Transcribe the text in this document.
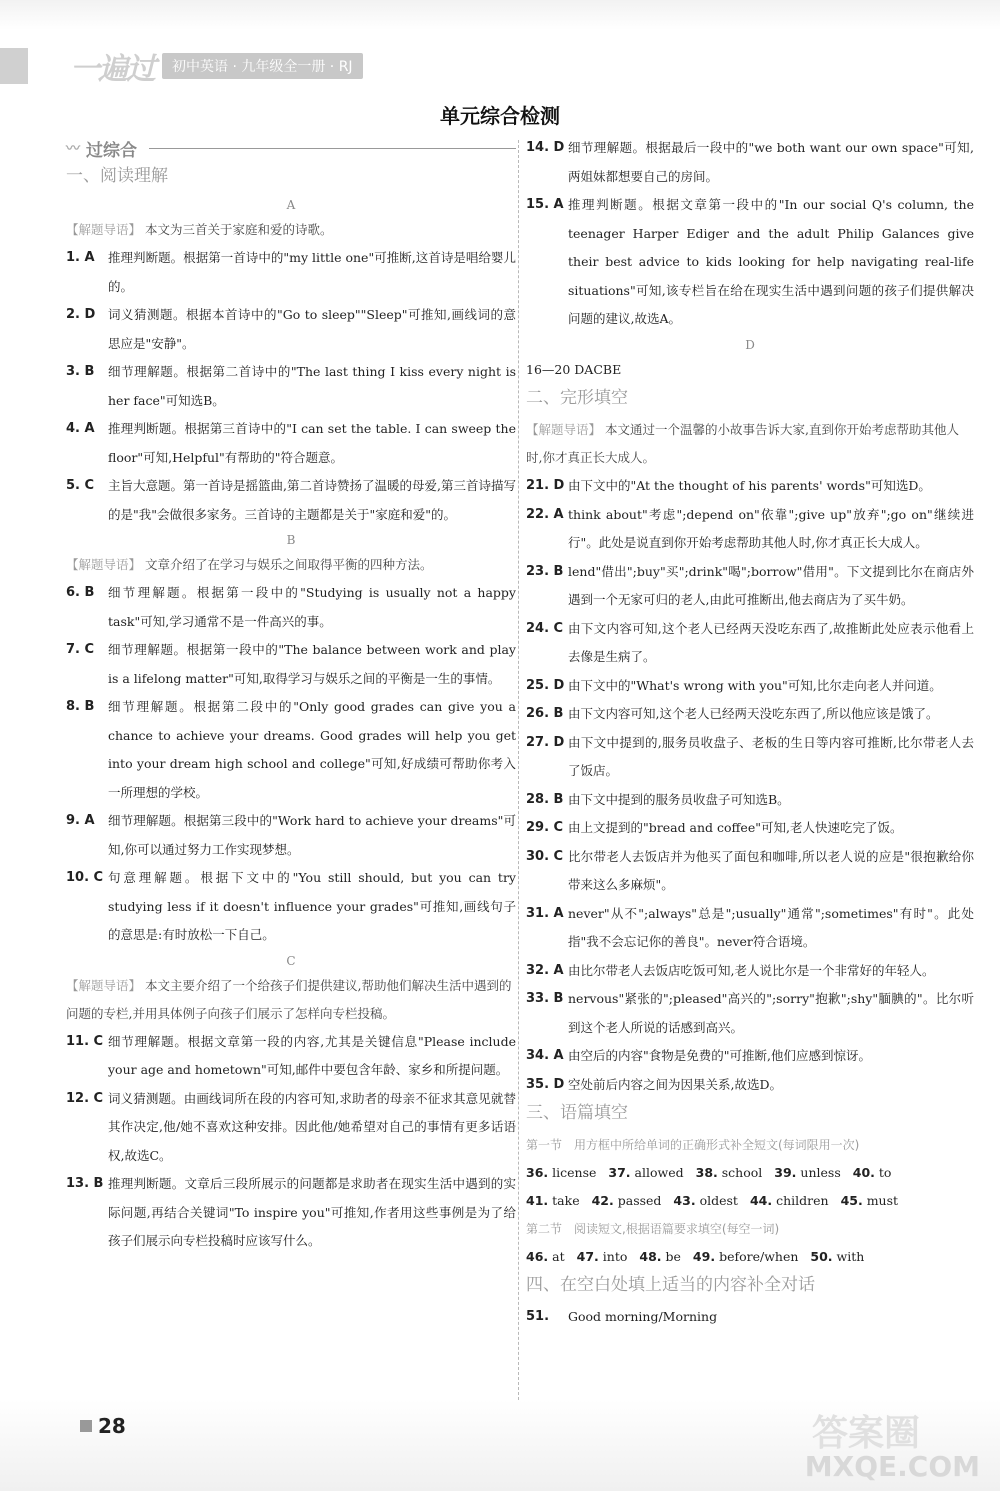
一遍过	初中英语 · 九年级全一册 · RJ
单元综合检测
〰 过综合
一、阅读理解
A
【解题导语】 本文为三首关于家庭和爱的诗歌。
1. A	推理判断题。根据第一首诗中的"my little one"可推断,这首诗是唱给婴儿的。
2. D	词义猜测题。根据本首诗中的"Go to sleep""Sleep"可推知,画线词的意思应是"安静"。
3. B	细节理解题。根据第二首诗中的"The last thing I kiss every night is her face"可知选B。
4. A	推理判断题。根据第三首诗中的"I can set the table. I can sweep the floor"可知,Helpful"有帮助的"符合题意。
5. C	主旨大意题。第一首诗是摇篮曲,第二首诗赞扬了温暖的母爱,第三首诗描写的是"我"会做很多家务。三首诗的主题都是关于"家庭和爱"的。
B
【解题导语】 文章介绍了在学习与娱乐之间取得平衡的四种方法。
6. B	细节理解题。根据第一段中的"Studying is usually not a happy task"可知,学习通常不是一件高兴的事。
7. C	细节理解题。根据第一段中的"The balance between work and play is a lifelong matter"可知,取得学习与娱乐之间的平衡是一生的事情。
8. B	细节理解题。根据第二段中的"Only good grades can give you a chance to achieve your dreams. Good grades will help you get into your dream high school and college"可知,好成绩可帮助你考入一所理想的学校。
9. A	细节理解题。根据第三段中的"Work hard to achieve your dreams"可知,你可以通过努力工作实现梦想。
10. C 句意理解题。根据下文中的"You still should, but you can try studying less if it doesn't influence your grades"可推知,画线句子的意思是:有时放松一下自己。
C
【解题导语】 本文主要介绍了一个给孩子们提供建议,帮助他们解决生活中遇到的问题的专栏,并用具体例子向孩子们展示了怎样向专栏投稿。
11. C 细节理解题。根据文章第一段的内容,尤其是关键信息"Please include your age and hometown"可知,邮件中要包含年龄、家乡和所提问题。
12. C 词义猜测题。由画线词所在段的内容可知,求助者的母亲不征求其意见就替其作决定,他/她不喜欢这种安排。因此他/她希望对自己的事情有更多话语权,故选C。
13. B 推理判断题。文章后三段所展示的问题都是求助者在现实生活中遇到的实际问题,再结合关键词"To inspire you"可推知,作者用这些事例是为了给孩子们展示向专栏投稿时应该写什么。
14. D 细节理解题。根据最后一段中的"we both want our own space"可知,两姐妹都想要自己的房间。
15. A 推理判断题。根据文章第一段中的"In our social Q's column, the teenager Harper Ediger and the adult Philip Galances give their best advice to kids looking for help navigating real-life situations"可知,该专栏旨在给在现实生活中遇到问题的孩子们提供解决问题的建议,故选A。
D
16—20 DACBE
二、完形填空
【解题导语】 本文通过一个温馨的小故事告诉大家,直到你开始考虑帮助其他人时,你才真正长大成人。
21. D 由下文中的"At the thought of his parents' words"可知选D。
22. A think about"考虑";depend on"依靠";give up"放弃";go on"继续进行"。此处是说直到你开始考虑帮助其他人时,你才真正长大成人。
23. B lend"借出";buy"买";drink"喝";borrow"借用"。下文提到比尔在商店外遇到一个无家可归的老人,由此可推断出,他去商店为了买牛奶。
24. C 由下文内容可知,这个老人已经两天没吃东西了,故推断此处应表示他看上去像是生病了。
25. D 由下文中的"What's wrong with you"可知,比尔走向老人并问道。
26. B 由下文内容可知,这个老人已经两天没吃东西了,所以他应该是饿了。
27. D 由下文中提到的,服务员收盘子、老板的生日等内容可推断,比尔带老人去了饭店。
28. B 由下文中提到的服务员收盘子可知选B。
29. C 由上文提到的"bread and coffee"可知,老人快速吃完了饭。
30. C 比尔带老人去饭店并为他买了面包和咖啡,所以老人说的应是"很抱歉给你带来这么多麻烦"。
31. A never"从不";always"总是";usually"通常";sometimes"有时"。此处指"我不会忘记你的善良"。never符合语境。
32. A 由比尔带老人去饭店吃饭可知,老人说比尔是一个非常好的年轻人。
33. B nervous"紧张的";pleased"高兴的";sorry"抱歉";shy"腼腆的"。比尔听到这个老人所说的话感到高兴。
34. A 由空后的内容"食物是免费的"可推断,他们应感到惊讶。
35. D 空处前后内容之间为因果关系,故选D。
三、语篇填空
第一节　用方框中所给单词的正确形式补全短文(每词限用一次)
36. license 37. allowed 38. school 39. unless 40. to
41. take 42. passed 43. oldest 44. children 45. must
第二节　阅读短文,根据语篇要求填空(每空一词)
46. at 47. into 48. be 49. before/when 50. with
四、在空白处填上适当的内容补全对话
51.	Good morning/Morning
28	答案圈
MXQE.COM
